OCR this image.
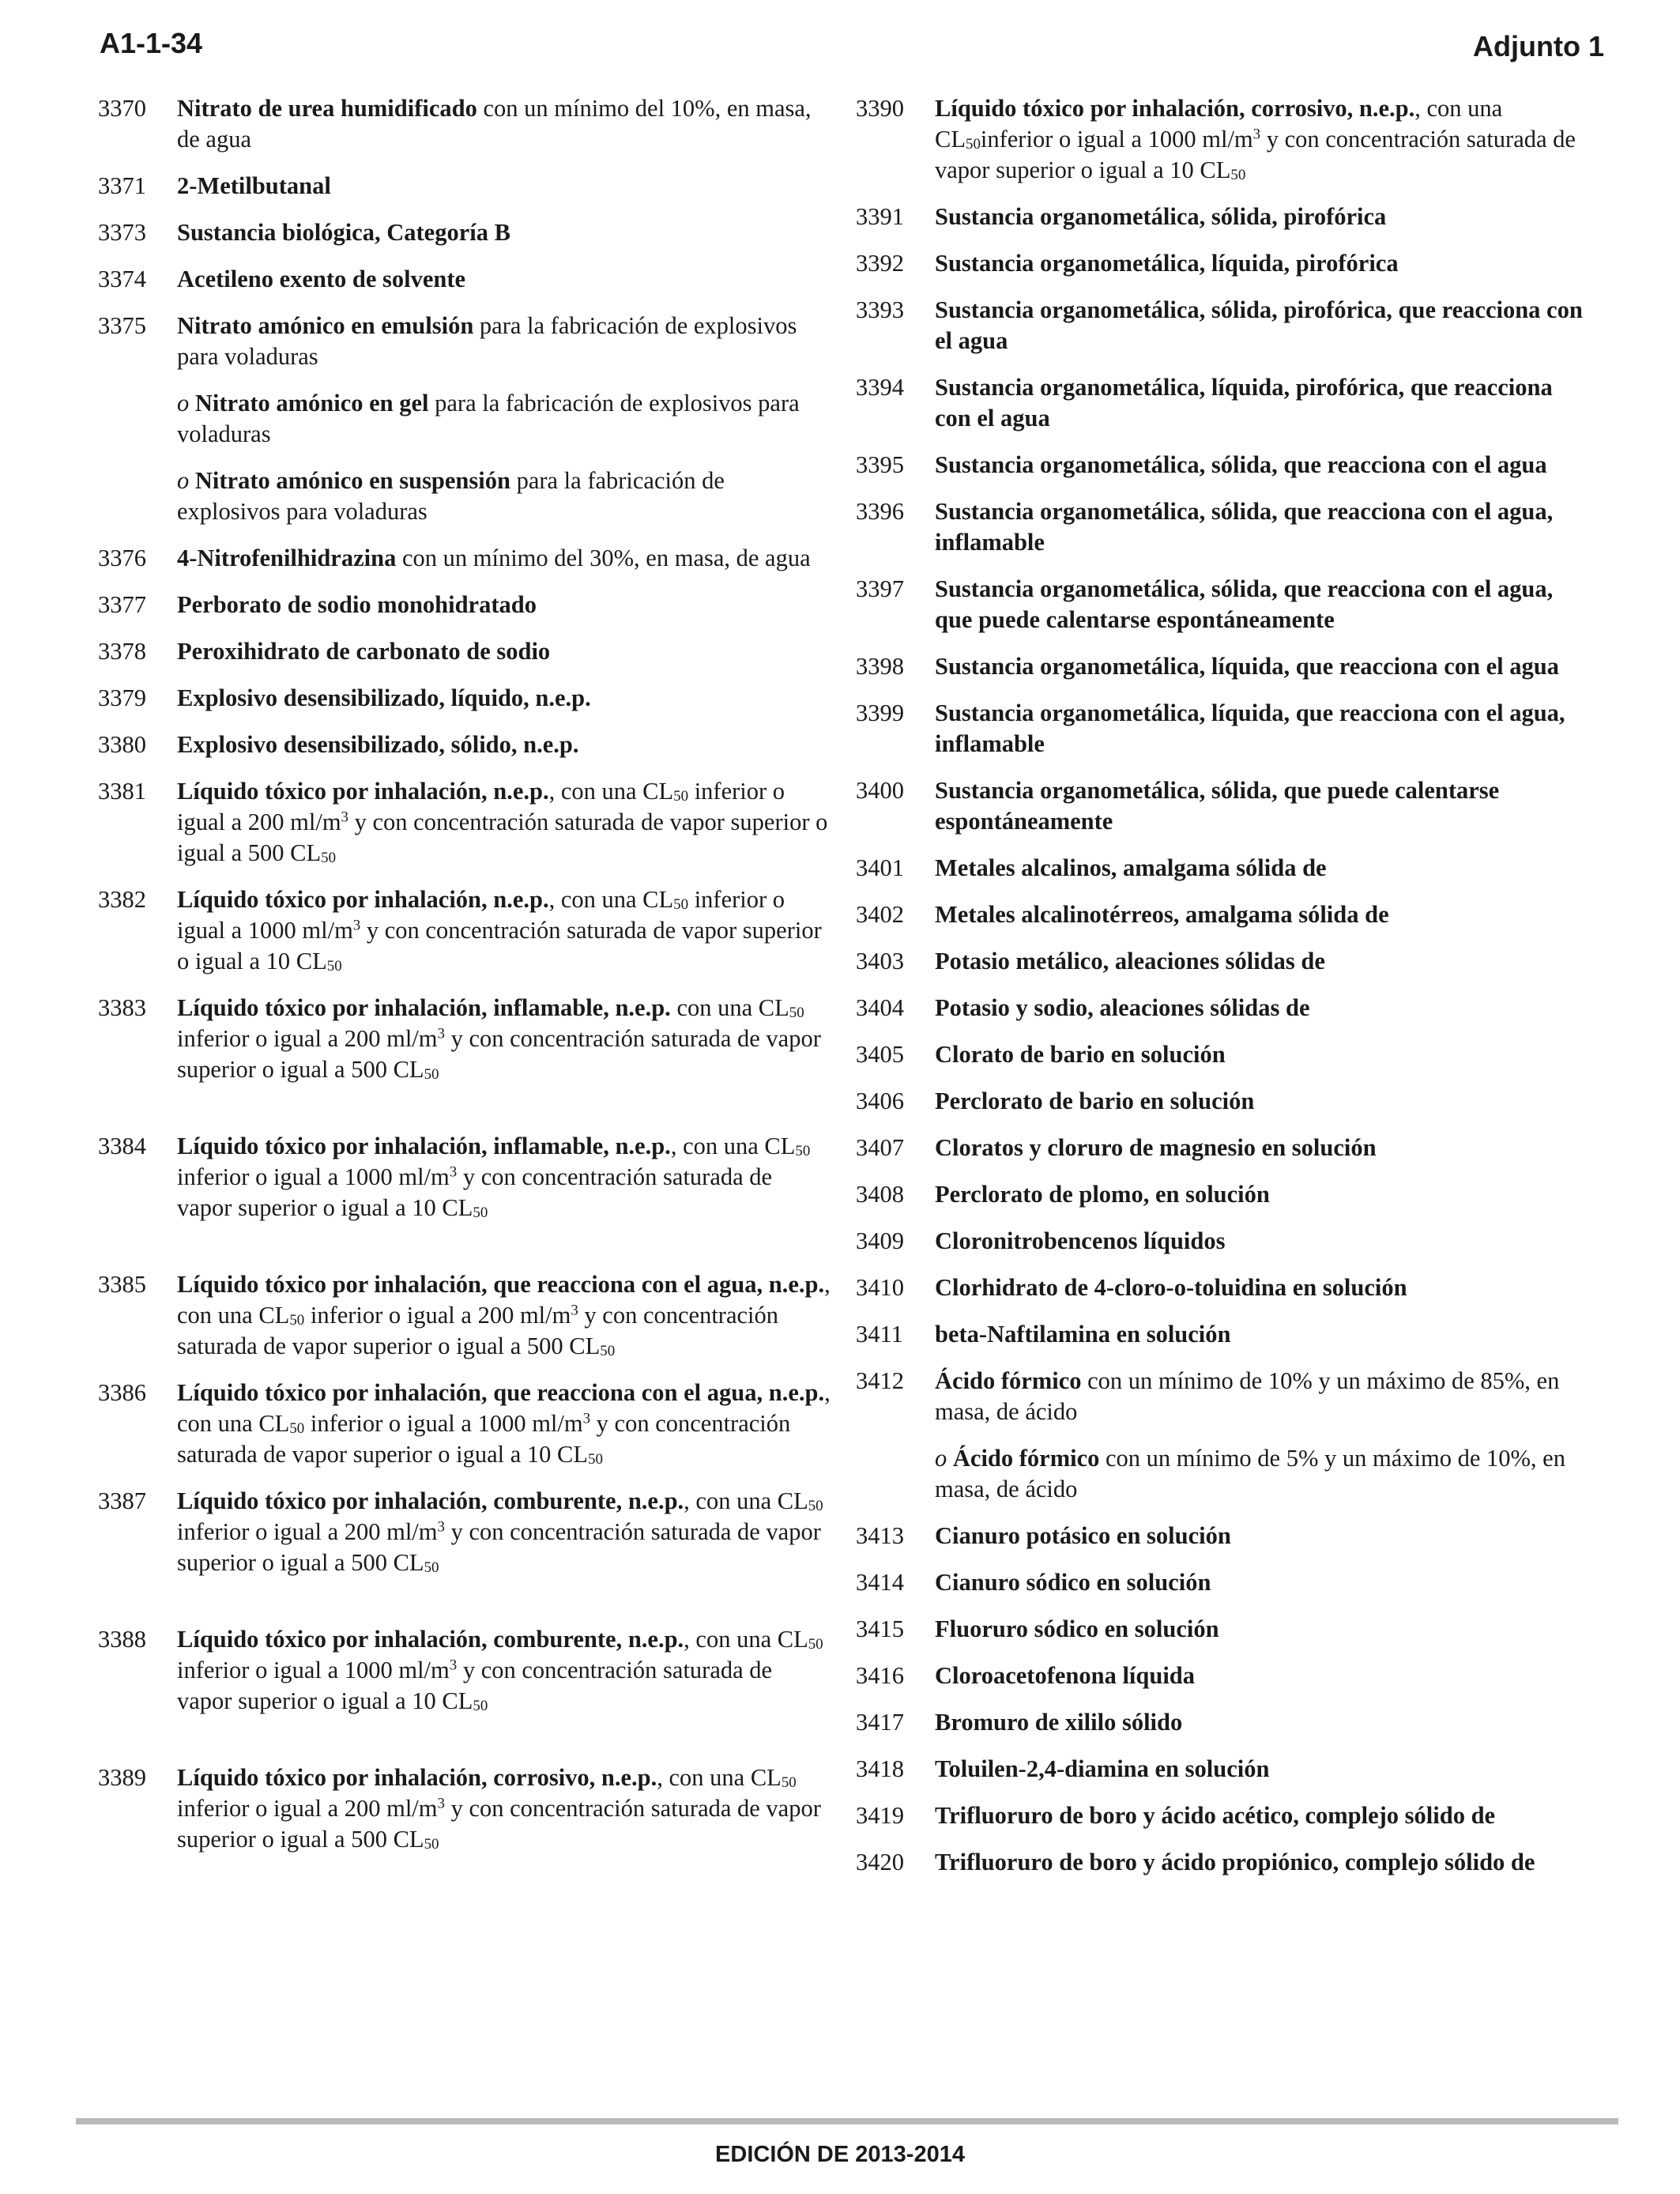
A1-1-34	Adjunto 1
3370	Nitrato de urea humidificado con un mínimo del 10%, en masa, de agua
3371	2-Metilbutanal
3373	Sustancia biológica, Categoría B
3374	Acetileno exento de solvente
3375	Nitrato amónico en emulsión para la fabricación de explosivos para voladuras
o Nitrato amónico en gel para la fabricación de explosivos para voladuras
o Nitrato amónico en suspensión para la fabricación de explosivos para voladuras
3376	4-Nitrofenilhidrazina con un mínimo del 30%, en masa, de agua
3377	Perborato de sodio monohidratado
3378	Peroxihidrato de carbonato de sodio
3379	Explosivo desensibilizado, líquido, n.e.p.
3380	Explosivo desensibilizado, sólido, n.e.p.
3381	Líquido tóxico por inhalación, n.e.p., con una $CL_{50}$ inferior o igual a 200 $ml/m^3$ y con concentración saturada de vapor superior o igual a 500 $CL_{50}$
3382	Líquido tóxico por inhalación, n.e.p., con una $CL_{50}$ inferior o igual a 1000 $ml/m^3$ y con concentración saturada de vapor superior o igual a 10 $CL_{50}$
3383	Líquido tóxico por inhalación, inflamable, n.e.p. con una $CL_{50}$ inferior o igual a 200 $ml/m^3$ y con concentración saturada de vapor superior o igual a 500 $CL_{50}$
3384	Líquido tóxico por inhalación, inflamable, n.e.p., con una $CL_{50}$ inferior o igual a 1000 $ml/m^3$ y con concentración saturada de vapor superior o igual a 10 $CL_{50}$
3385	Líquido tóxico por inhalación, que reacciona con el agua, n.e.p., con una $CL_{50}$ inferior o igual a 200 $ml/m^3$ y con concentración saturada de vapor superior o igual a 500 $CL_{50}$
3386	Líquido tóxico por inhalación, que reacciona con el agua, n.e.p., con una $CL_{50}$ inferior o igual a 1000 $ml/m^3$ y con concentración saturada de vapor superior o igual a 10 $CL_{50}$
3387	Líquido tóxico por inhalación, comburente, n.e.p., con una $CL_{50}$ inferior o igual a 200 $ml/m^3$ y con concentración saturada de vapor superior o igual a 500 $CL_{50}$
3388	Líquido tóxico por inhalación, comburente, n.e.p., con una $CL_{50}$ inferior o igual a 1000 $ml/m^3$ y con concentración saturada de vapor superior o igual a 10 $CL_{50}$
3389	Líquido tóxico por inhalación, corrosivo, n.e.p., con una $CL_{50}$ inferior o igual a 200 $ml/m^3$ y con concentración saturada de vapor superior o igual a 500 $CL_{50}$
3390	Líquido tóxico por inhalación, corrosivo, n.e.p., con una $CL_{50}inferior$ o igual a 1000 $ml/m^3$ y con concentración saturada de vapor superior o igual a 10 $CL_{50}$
3391	Sustancia organometálica, sólida, pirofórica
3392	Sustancia organometálica, líquida, pirofórica
3393	Sustancia organometálica, sólida, pirofórica, que reacciona con el agua
3394	Sustancia organometálica, líquida, pirofórica, que reacciona con el agua
3395	Sustancia organometálica, sólida, que reacciona con el agua
3396	Sustancia organometálica, sólida, que reacciona con el agua, inflamable
3397	Sustancia organometálica, sólida, que reacciona con el agua, que puede calentarse espontáneamente
3398	Sustancia organometálica, líquida, que reacciona con el agua
3399	Sustancia organometálica, líquida, que reacciona con el agua, inflamable
3400	Sustancia organometálica, sólida, que puede calentarse espontáneamente
3401	Metales alcalinos, amalgama sólida de
3402	Metales alcalinotérreos, amalgama sólida de
3403	Potasio metálico, aleaciones sólidas de
3404	Potasio y sodio, aleaciones sólidas de
3405	Clorato de bario en solución
3406	Perclorato de bario en solución
3407	Cloratos y cloruro de magnesio en solución
3408	Perclorato de plomo, en solución
3409	Cloronitrobencenos líquidos
3410	Clorhidrato de 4-cloro-o-toluidina en solución
3411	beta-Naftilamina en solución
3412	Ácido fórmico con un mínimo de 10% y un máximo de 85%, en masa, de ácido
o Ácido fórmico con un mínimo de 5% y un máximo de 10%, en masa, de ácido
3413	Cianuro potásico en solución
3414	Cianuro sódico en solución
3415	Fluoruro sódico en solución
3416	Cloroacetofenona líquida
3417	Bromuro de xililo sólido
3418	Toluilen-2,4-diamina en solución
3419	Trifluoruro de boro y ácido acético, complejo sólido de
3420	Trifluoruro de boro y ácido propiónico, complejo sólido de
EDICIÓN DE 2013-2014
